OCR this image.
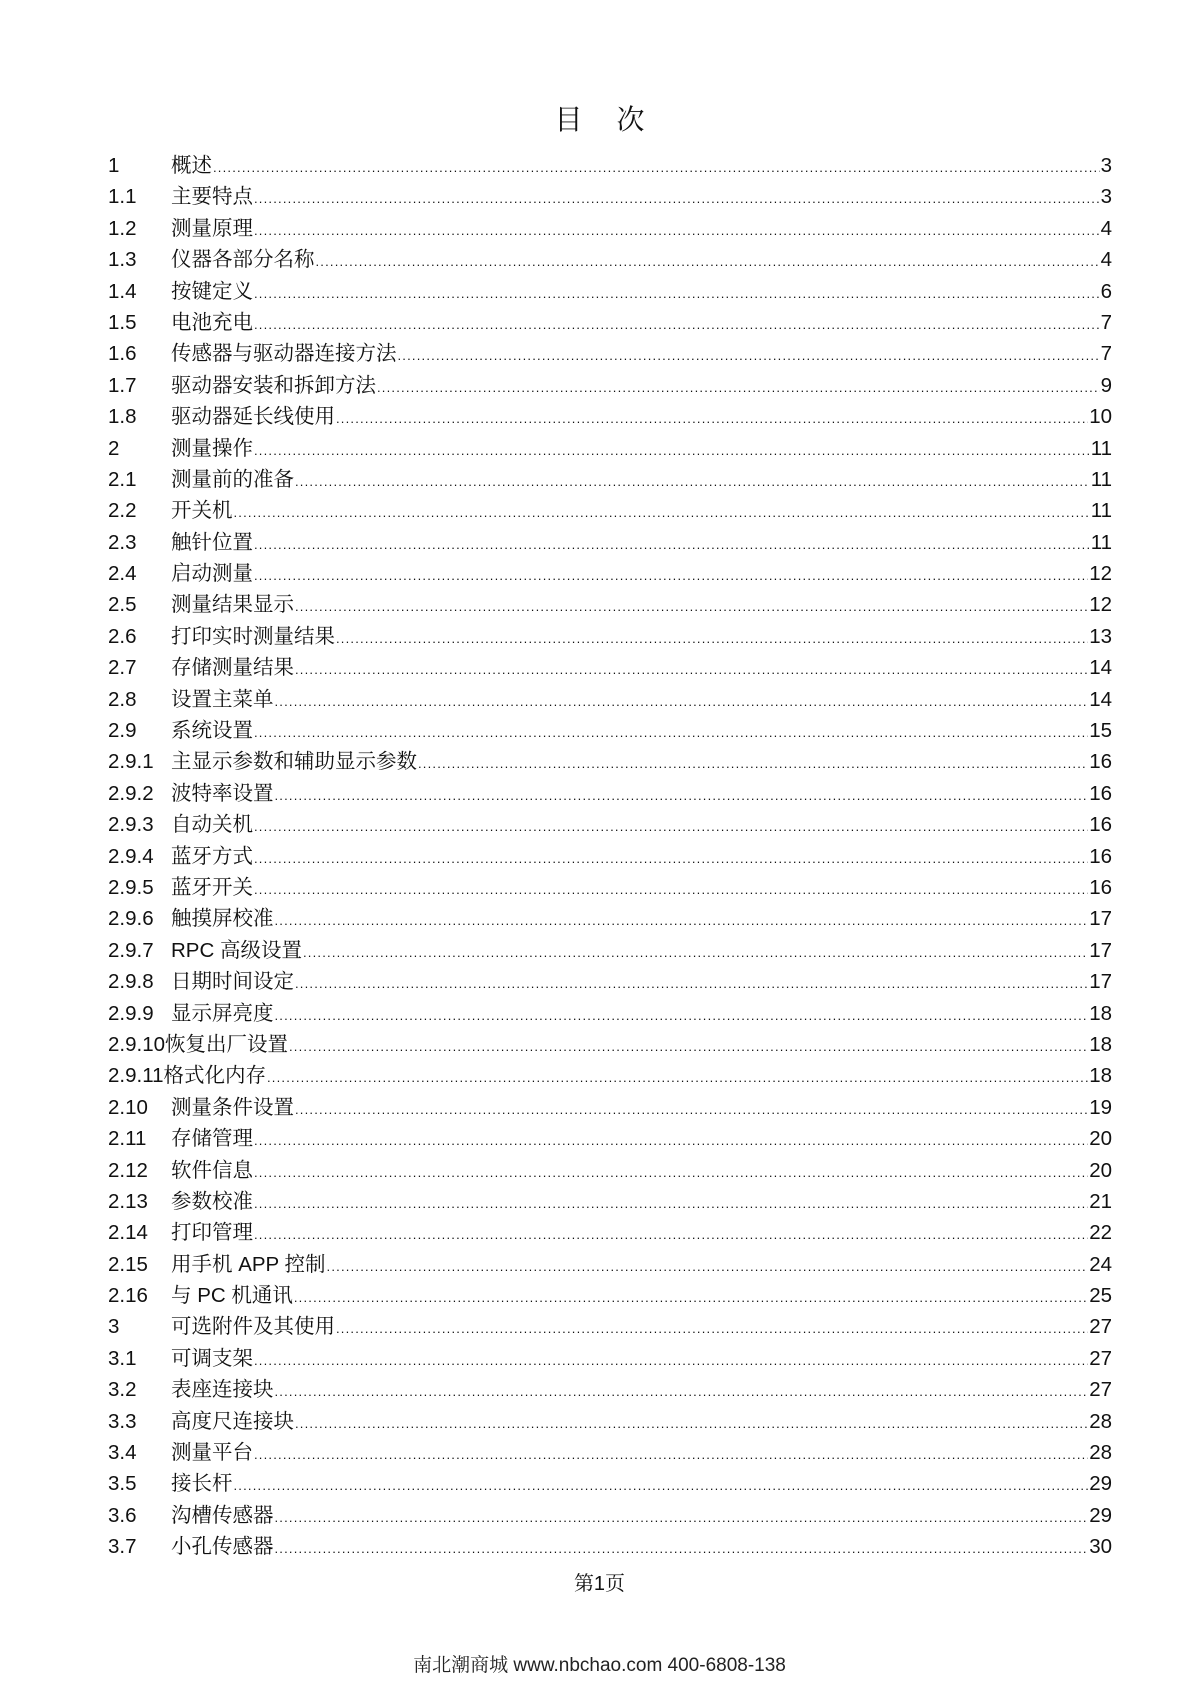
目次
1	概述 .....	3
1.1	主要特点 .....	3
1.2	测量原理 .....	4
1.3	仪器各部分名称 .....	4
1.4	按键定义 .....	6
1.5	电池充电 .....	7
1.6	传感器与驱动器连接方法 .....	7
1.7	驱动器安装和拆卸方法 .....	9
1.8	驱动器延长线使用 .....	10
2	测量操作 .....	11
2.1	测量前的准备 .....	11
2.2	开关机 .....	11
2.3	触针位置 .....	11
2.4	启动测量 .....	12
2.5	测量结果显示 .....	12
2.6	打印实时测量结果 .....	13
2.7	存储测量结果 .....	14
2.8	设置主菜单 .....	14
2.9	系统设置 .....	15
2.9.1 主显示参数和辅助显示参数 .....	16
2.9.2 波特率设置 .....	16
2.9.3 自动关机 .....	16
2.9.4 蓝牙方式 .....	16
2.9.5 蓝牙开关 .....	16
2.9.6 触摸屏校准 .....	17
2.9.7 RPC 高级设置 .....	17
2.9.8 日期时间设定 .....	17
2.9.9 显示屏亮度 .....	18
2.9.10 恢复出厂设置 .....	18
2.9.11 格式化内存 .....	18
2.10	测量条件设置 .....	19
2.11	存储管理 .....	20
2.12	软件信息 .....	20
2.13	参数校准 .....	21
2.14	打印管理 .....	22
2.15	用手机 APP 控制 .....	24
2.16	与 PC 机通讯 .....	25
3	可选附件及其使用 .....	27
3.1	可调支架 .....	27
3.2	表座连接块 .....	27
3.3	高度尺连接块 .....	28
3.4	测量平台 .....	28
3.5	接长杆 .....	29
3.6	沟槽传感器 .....	29
3.7	小孔传感器 .....	30
第1页
南北潮商城 www.nbchao.com 400-6808-138
